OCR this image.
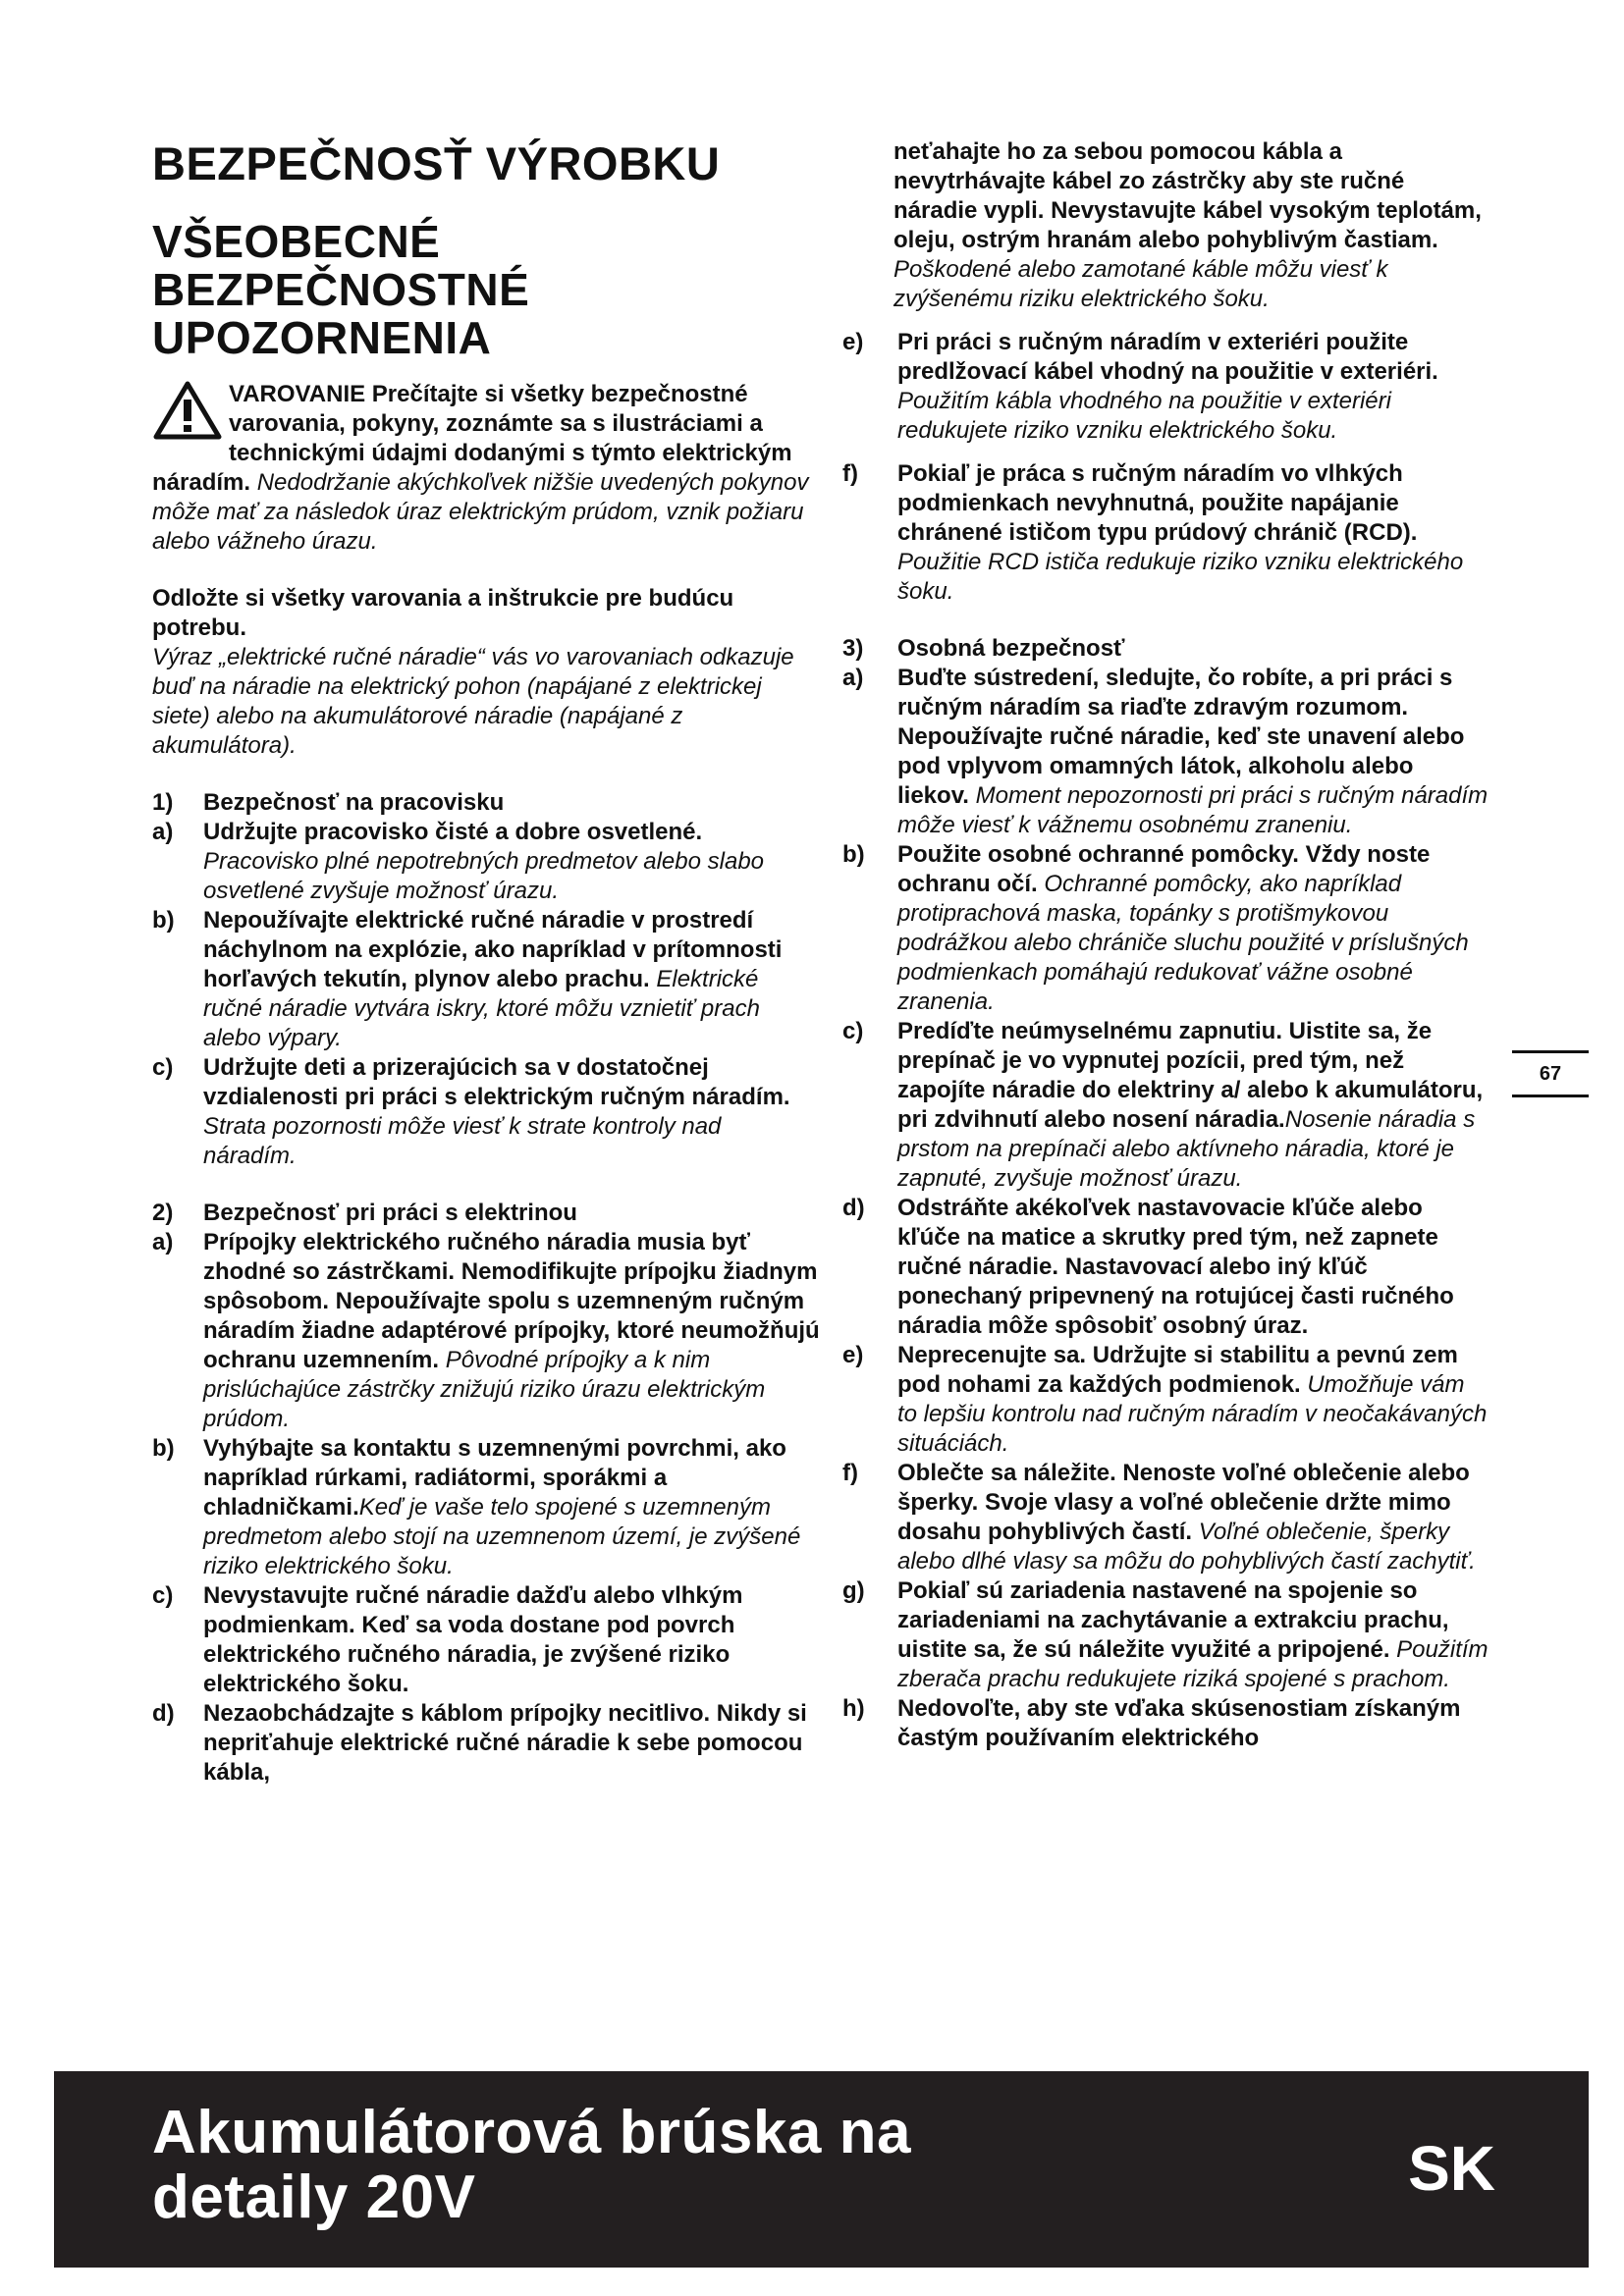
BEZPEČNOSŤ VÝROBKU
VŠEOBECNÉ BEZPEČNOSTNÉ UPOZORNENIA
VAROVANIE Prečítajte si všetky bezpečnostné varovania, pokyny, zoznámte sa s ilustráciami a technickými údajmi dodanými s týmto elektrickým náradím. Nedodržanie akýchkoľvek nižšie uvedených pokynov môže mať za následok úraz elektrickým prúdom, vznik požiaru alebo vážneho úrazu.

Odložte si všetky varovania a inštrukcie pre budúcu potrebu.
Výraz „elektrické ručné náradie“ vás vo varovaniach odkazuje buď na náradie na elektrický pohon (napájané z elektrickej siete) alebo na akumulátorové náradie (napájané z akumulátora).

1) Bezpečnosť na pracovisku
a) Udržujte pracovisko čisté a dobre osvetlené. Pracovisko plné nepotrebných predmetov alebo slabo osvetlené zvyšuje možnosť úrazu.
b) Nepoužívajte elektrické ručné náradie v prostredí náchylnom na explózie, ako napríklad v prítomnosti horľavých tekutín, plynov alebo prachu. Elektrické ručné náradie vytvára iskry, ktoré môžu vznietiť prach alebo výpary.
c) Udržujte deti a prizerajúcich sa v dostatočnej vzdialenosti pri práci s elektrickým ručným náradím. Strata pozornosti môže viesť k strate kontroly nad náradím.
2) Bezpečnosť pri práci s elektrinou
a) Prípojky elektrického ručného náradia musia byť zhodné so zástrčkami. Nemodifikujte prípojku žiadnym spôsobom. Nepoužívajte spolu s uzemneným ručným náradím žiadne adaptérové prípojky, ktoré neumožňujú ochranu uzemnením. Pôvodné prípojky a k nim prislúchajúce zástrčky znižujú riziko úrazu elektrickým prúdom.
b) Vyhýbajte sa kontaktu s uzemnenými povrchmi, ako napríklad rúrkami, radiátormi, sporákmi a chladničkami.Keď je vaše telo spojené s uzemneným predmetom alebo stojí na uzemnenom území, je zvýšené riziko elektrického šoku.
c) Nevystavujte ručné náradie dažďu alebo vlhkým podmienkam. Keď sa voda dostane pod povrch elektrického ručného náradia, je zvýšené riziko elektrického šoku.
d) Nezaobchádzajte s káblom prípojky necitlivo. Nikdy si nepriťahuje elektrické ručné náradie k sebe pomocou kábla,
neťahajte ho za sebou pomocou kábla a nevytrhávajte kábel zo zástrčky aby ste ručné náradie vypli. Nevystavujte kábel vysokým teplotám, oleju, ostrým hranám alebo pohyblivým častiam. Poškodené alebo zamotané káble môžu viesť k zvýšenému riziku elektrického šoku.
e) Pri práci s ručným náradím v exteriéri použite predlžovací kábel vhodný na použitie v exteriéri. Použitím kábla vhodného na použitie v exteriéri redukujete riziko vzniku elektrického šoku.
f) Pokiaľ je práca s ručným náradím vo vlhkých podmienkach nevyhnutná, použite napájanie chránené ističom typu prúdový chránič (RCD). Použitie RCD ističa redukuje riziko vzniku elektrického šoku.
3) Osobná bezpečnosť
a) Buďte sústredení, sledujte, čo robíte, a pri práci s ručným náradím sa riaďte zdravým rozumom. Nepoužívajte ručné náradie, keď ste unavení alebo pod vplyvom omamných látok, alkoholu alebo liekov. Moment nepozornosti pri práci s ručným náradím môže viesť k vážnemu osobnému zraneniu.
b) Použite osobné ochranné pomôcky. Vždy noste ochranu očí. Ochranné pomôcky, ako napríklad protiprachová maska, topánky s protišmykovou podrážkou alebo chrániče sluchu použité v príslušných podmienkach pomáhajú redukovať vážne osobné zranenia.
c) Predíďte neúmyselnému zapnutiu. Uistite sa, že prepínač je vo vypnutej pozícii, pred tým, než zapojíte náradie do elektriny a/ alebo k akumulátoru, pri zdvihnutí alebo nosení náradia.Nosenie náradia s prstom na prepínači alebo aktívneho náradia, ktoré je zapnuté, zvyšuje možnosť úrazu.
d) Odstráňte akékoľvek nastavovacie kľúče alebo kľúče na matice a skrutky pred tým, než zapnete ručné náradie. Nastavovací alebo iný kľúč ponechaný pripevnený na rotujúcej časti ručného náradia môže spôsobiť osobný úraz.
e) Neprecenujte sa. Udržujte si stabilitu a pevnú zem pod nohami za každých podmienok. Umožňuje vám to lepšiu kontrolu nad ručným náradím v neočakávaných situáciách.
f) Oblečte sa náležite. Nenoste voľné oblečenie alebo šperky. Svoje vlasy a voľné oblečenie držte mimo dosahu pohyblivých častí. Voľné oblečenie, šperky alebo dlhé vlasy sa môžu do pohyblivých častí zachytiť.
g) Pokiaľ sú zariadenia nastavené na spojenie so zariadeniami na zachytávanie a extrakciu prachu, uistite sa, že sú náležite využité a pripojené. Použitím zberača prachu redukujete riziká spojené s prachom.
h) Nedovoľte, aby ste vďaka skúsenostiam získaným častým používaním elektrického
67
Akumulátorová brúska na
detaily 20V	SK
